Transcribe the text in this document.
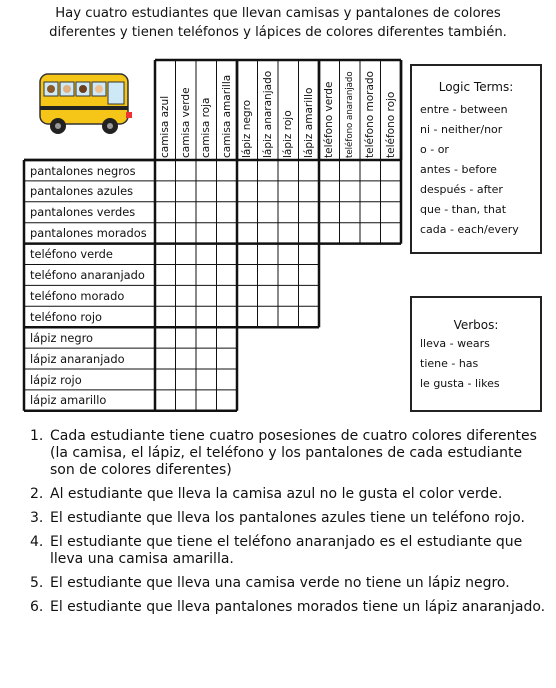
Hay cuatro estudiantes que llevan camisas y pantalones de colores
diferentes y tienen teléfonos y lápices de colores diferentes también.
camisa azul camisa verde camisa roja camisa amarilla lápiz negro lápiz anaranjado lápiz rojo lápiz amarillo teléfono verde teléfono anaranjado teléfono morado teléfono rojo
pantalones negros
pantalones azules
pantalones verdes
pantalones morados
teléfono verde
teléfono anaranjado
teléfono morado
teléfono rojo
lápiz negro
lápiz anaranjado
lápiz rojo
lápiz amarillo
Logic Terms:
entre - between
ni - neither/nor
o - or
antes - before
después - after
que - than, that
cada - each/every
Verbos:
lleva - wears
tiene - has
le gusta - likes
1. Cada estudiante tiene cuatro posesiones de cuatro colores diferentes (la camisa, el lápiz, el teléfono y los pantalones de cada estudiante son de colores diferentes)
2. Al estudiante que lleva la camisa azul no le gusta el color verde.
3. El estudiante que lleva los pantalones azules tiene un teléfono rojo.
4. El estudiante que tiene el teléfono anaranjado es el estudiante que lleva una camisa amarilla.
5. El estudiante que lleva una camisa verde no tiene un lápiz negro.
6. El estudiante que lleva pantalones morados tiene un lápiz anaranjado.
